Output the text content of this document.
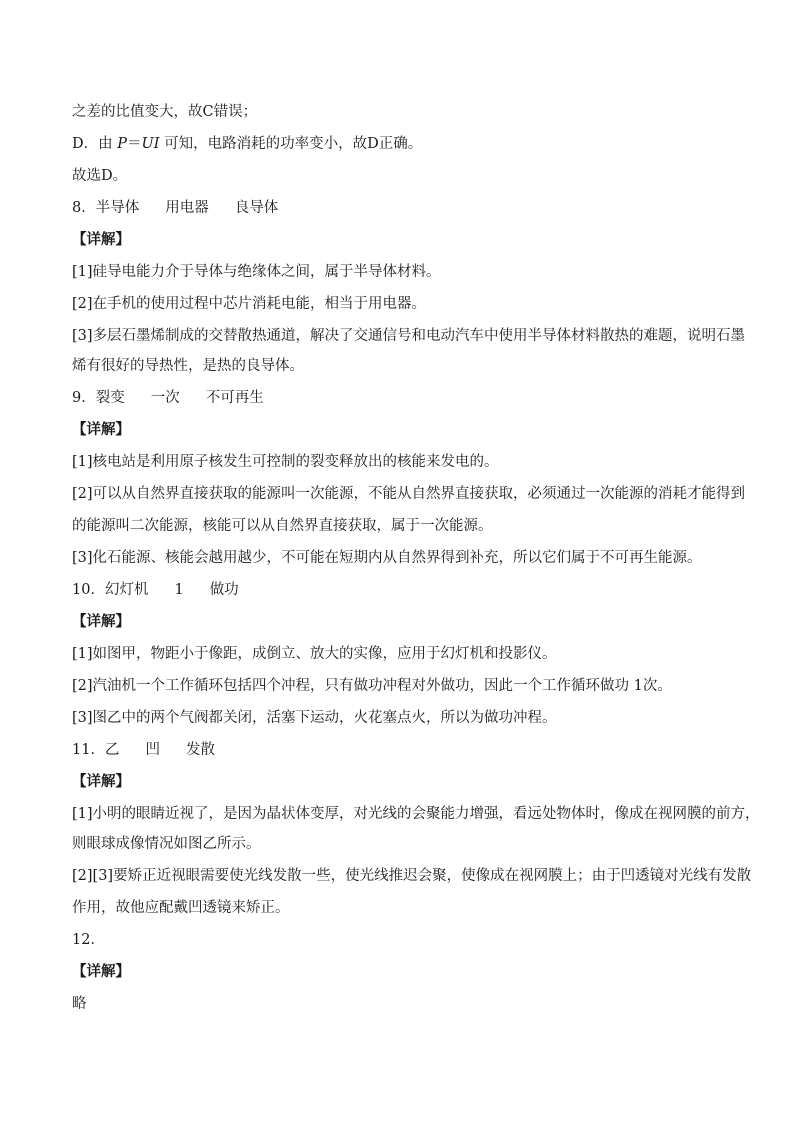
之差的比值变大，故C错误；
D．由 P＝UI 可知，电路消耗的功率变小，故D正确。
故选D。
8．半导体 用电器 良导体
【详解】
[1]硅导电能力介于导体与绝缘体之间，属于半导体材料。
[2]在手机的使用过程中芯片消耗电能，相当于用电器。
[3]多层石墨烯制成的交替散热通道，解决了交通信号和电动汽车中使用半导体材料散热的难题，说明石墨
烯有很好的导热性，是热的良导体。
9．裂变 一次 不可再生
【详解】
[1]核电站是利用原子核发生可控制的裂变释放出的核能来发电的。
[2]可以从自然界直接获取的能源叫一次能源，不能从自然界直接获取，必须通过一次能源的消耗才能得到
的能源叫二次能源，核能可以从自然界直接获取，属于一次能源。
[3]化石能源、核能会越用越少，不可能在短期内从自然界得到补充，所以它们属于不可再生能源。
10．幻灯机 1 做功
【详解】
[1]如图甲，物距小于像距，成倒立、放大的实像，应用于幻灯机和投影仪。
[2]汽油机一个工作循环包括四个冲程，只有做功冲程对外做功，因此一个工作循环做功 1次。
[3]图乙中的两个气阀都关闭，活塞下运动，火花塞点火，所以为做功冲程。
11．乙 凹 发散
【详解】
[1]小明的眼睛近视了，是因为晶状体变厚，对光线的会聚能力增强，看远处物体时，像成在视网膜的前方，
则眼球成像情况如图乙所示。
[2][3]要矫正近视眼需要使光线发散一些，使光线推迟会聚，使像成在视网膜上；由于凹透镜对光线有发散
作用，故他应配戴凹透镜来矫正。
12．
【详解】
略
